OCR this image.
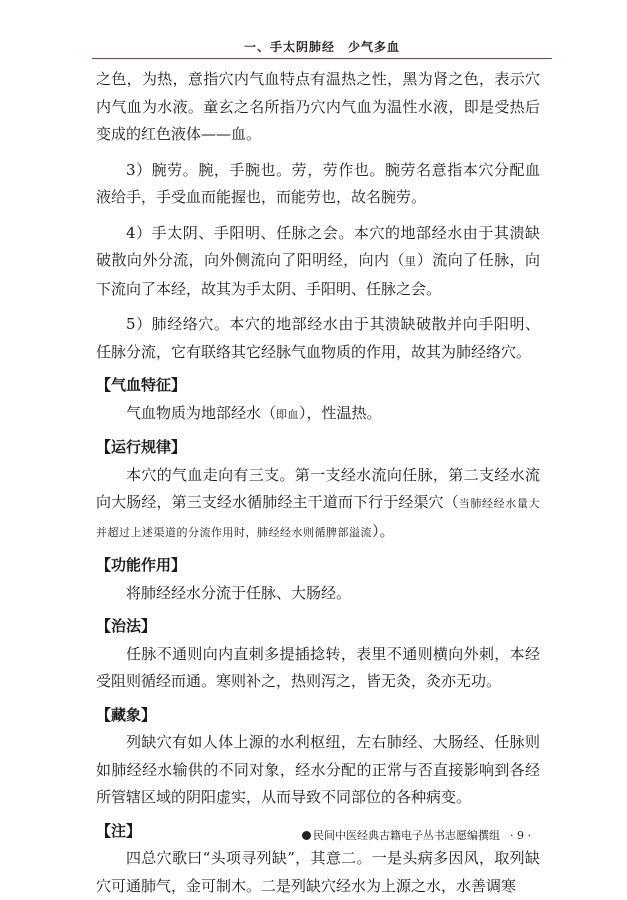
一、手太阴肺经　少气多血

之色，为热，意指穴内气血特点有温热之性，黑为肾之色，表示穴内气血为水液。童玄之名所指乃穴内气血为温性水液，即是受热后变成的红色液体——血。

3）腕劳。腕，手腕也。劳，劳作也。腕劳名意指本穴分配血液给手，手受血而能握也，而能劳也，故名腕劳。

4）手太阴、手阳明、任脉之会。本穴的地部经水由于其溃缺破散向外分流，向外侧流向了阳明经，向内（里）流向了任脉，向下流向了本经，故其为手太阴、手阳明、任脉之会。

5）肺经络穴。本穴的地部经水由于其溃缺破散并向手阳明、任脉分流，它有联络其它经脉气血物质的作用，故其为肺经络穴。

【气血特征】

气血物质为地部经水（即血），性温热。

【运行规律】

本穴的气血走向有三支。第一支经水流向任脉，第二支经水流向大肠经，第三支经水循肺经主干道而下行于经渠穴（当肺经经水量大并超过上述渠道的分流作用时，肺经经水则循脾部溢流）。

【功能作用】

将肺经经水分流于任脉、大肠经。

【治法】

任脉不通则向内直刺多提插捻转，表里不通则横向外刺，本经受阻则循经而通。寒则补之，热则泻之，皆无灸，灸亦无功。

【藏象】

列缺穴有如人体上源的水利枢纽，左右肺经、大肠经、任脉则如肺经经水输供的不同对象，经水分配的正常与否直接影响到各经所管辖区域的阴阳虚实，从而导致不同部位的各种病变。

【注】

四总穴歌曰“头项寻列缺”，其意二。一是头病多因风，取列缺穴可通肺气，金可制木。二是列缺穴经水为上源之水，水善调寒

民间中医经典古籍电子丛书志愿编撰组 · 9 ·
